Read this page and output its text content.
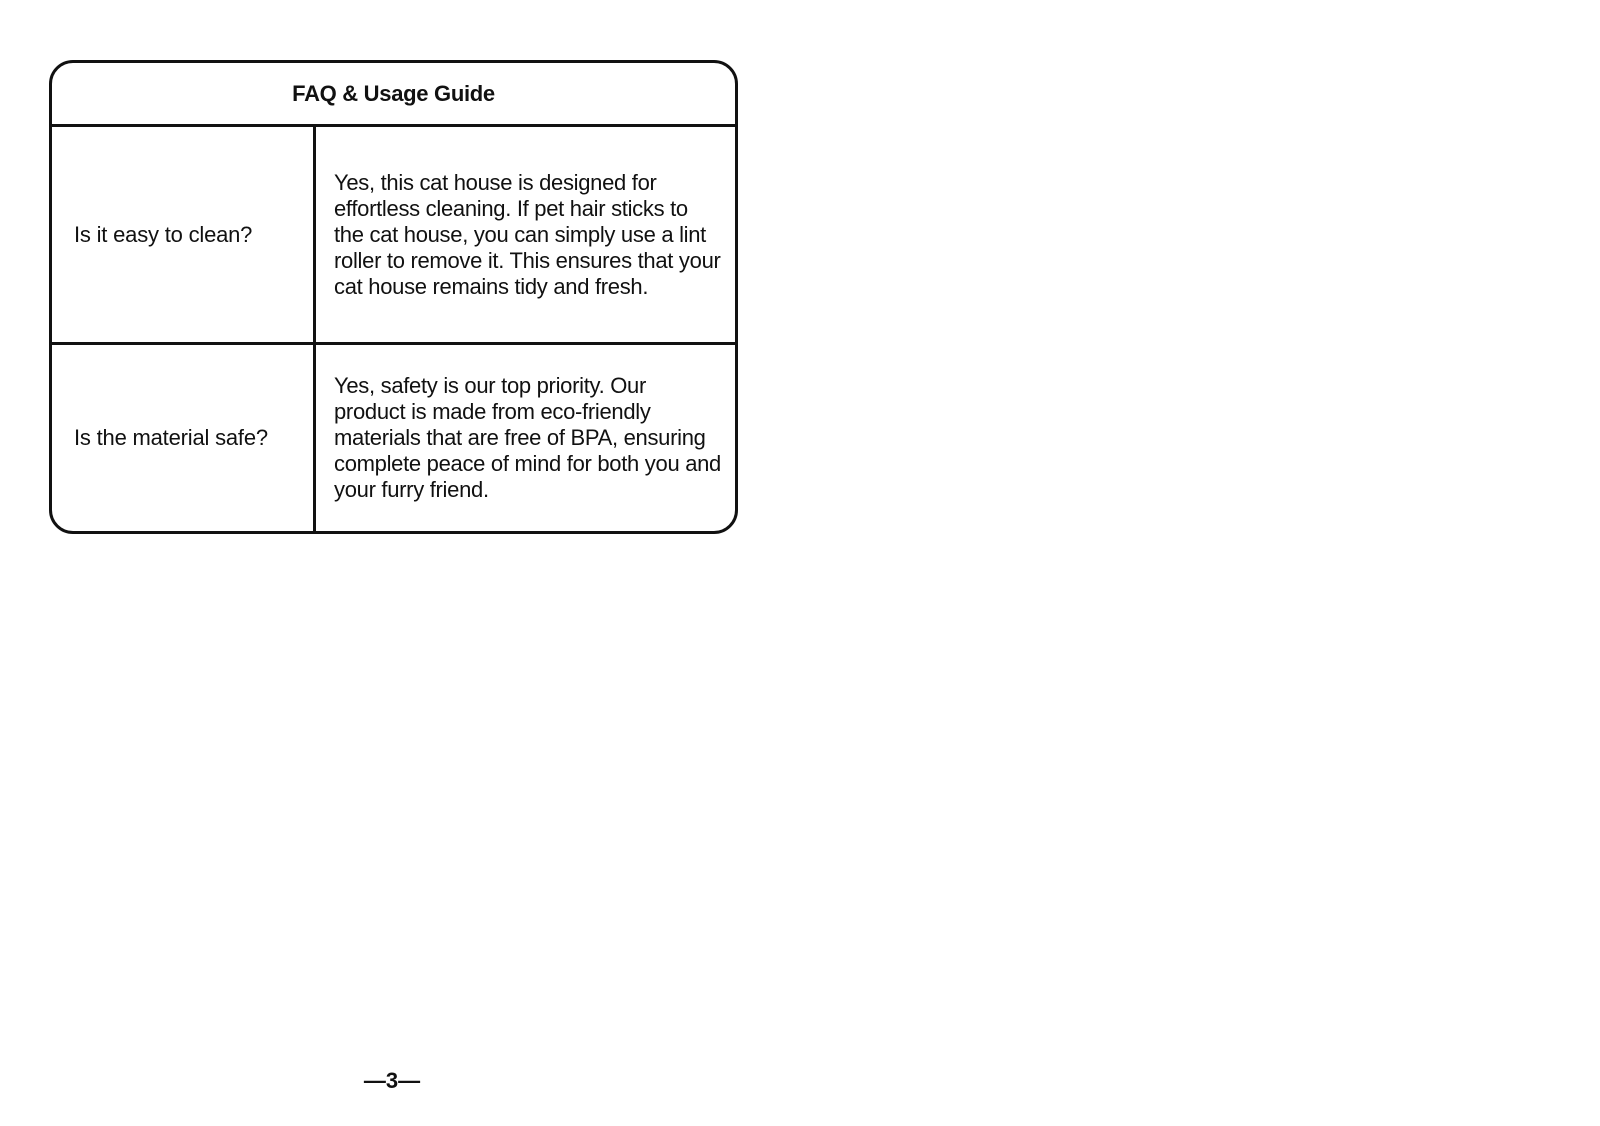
FAQ & Usage Guide
Is it easy to clean?
Yes, this cat house is designed for effortless cleaning. If pet hair sticks to the cat house, you can simply use a lint roller to remove it. This ensures that your cat house remains tidy and fresh.
Is the material safe?
Yes, safety is our top priority. Our product is made from eco-friendly materials that are free of BPA, ensuring complete peace of mind for both you and your furry friend.
—3—
